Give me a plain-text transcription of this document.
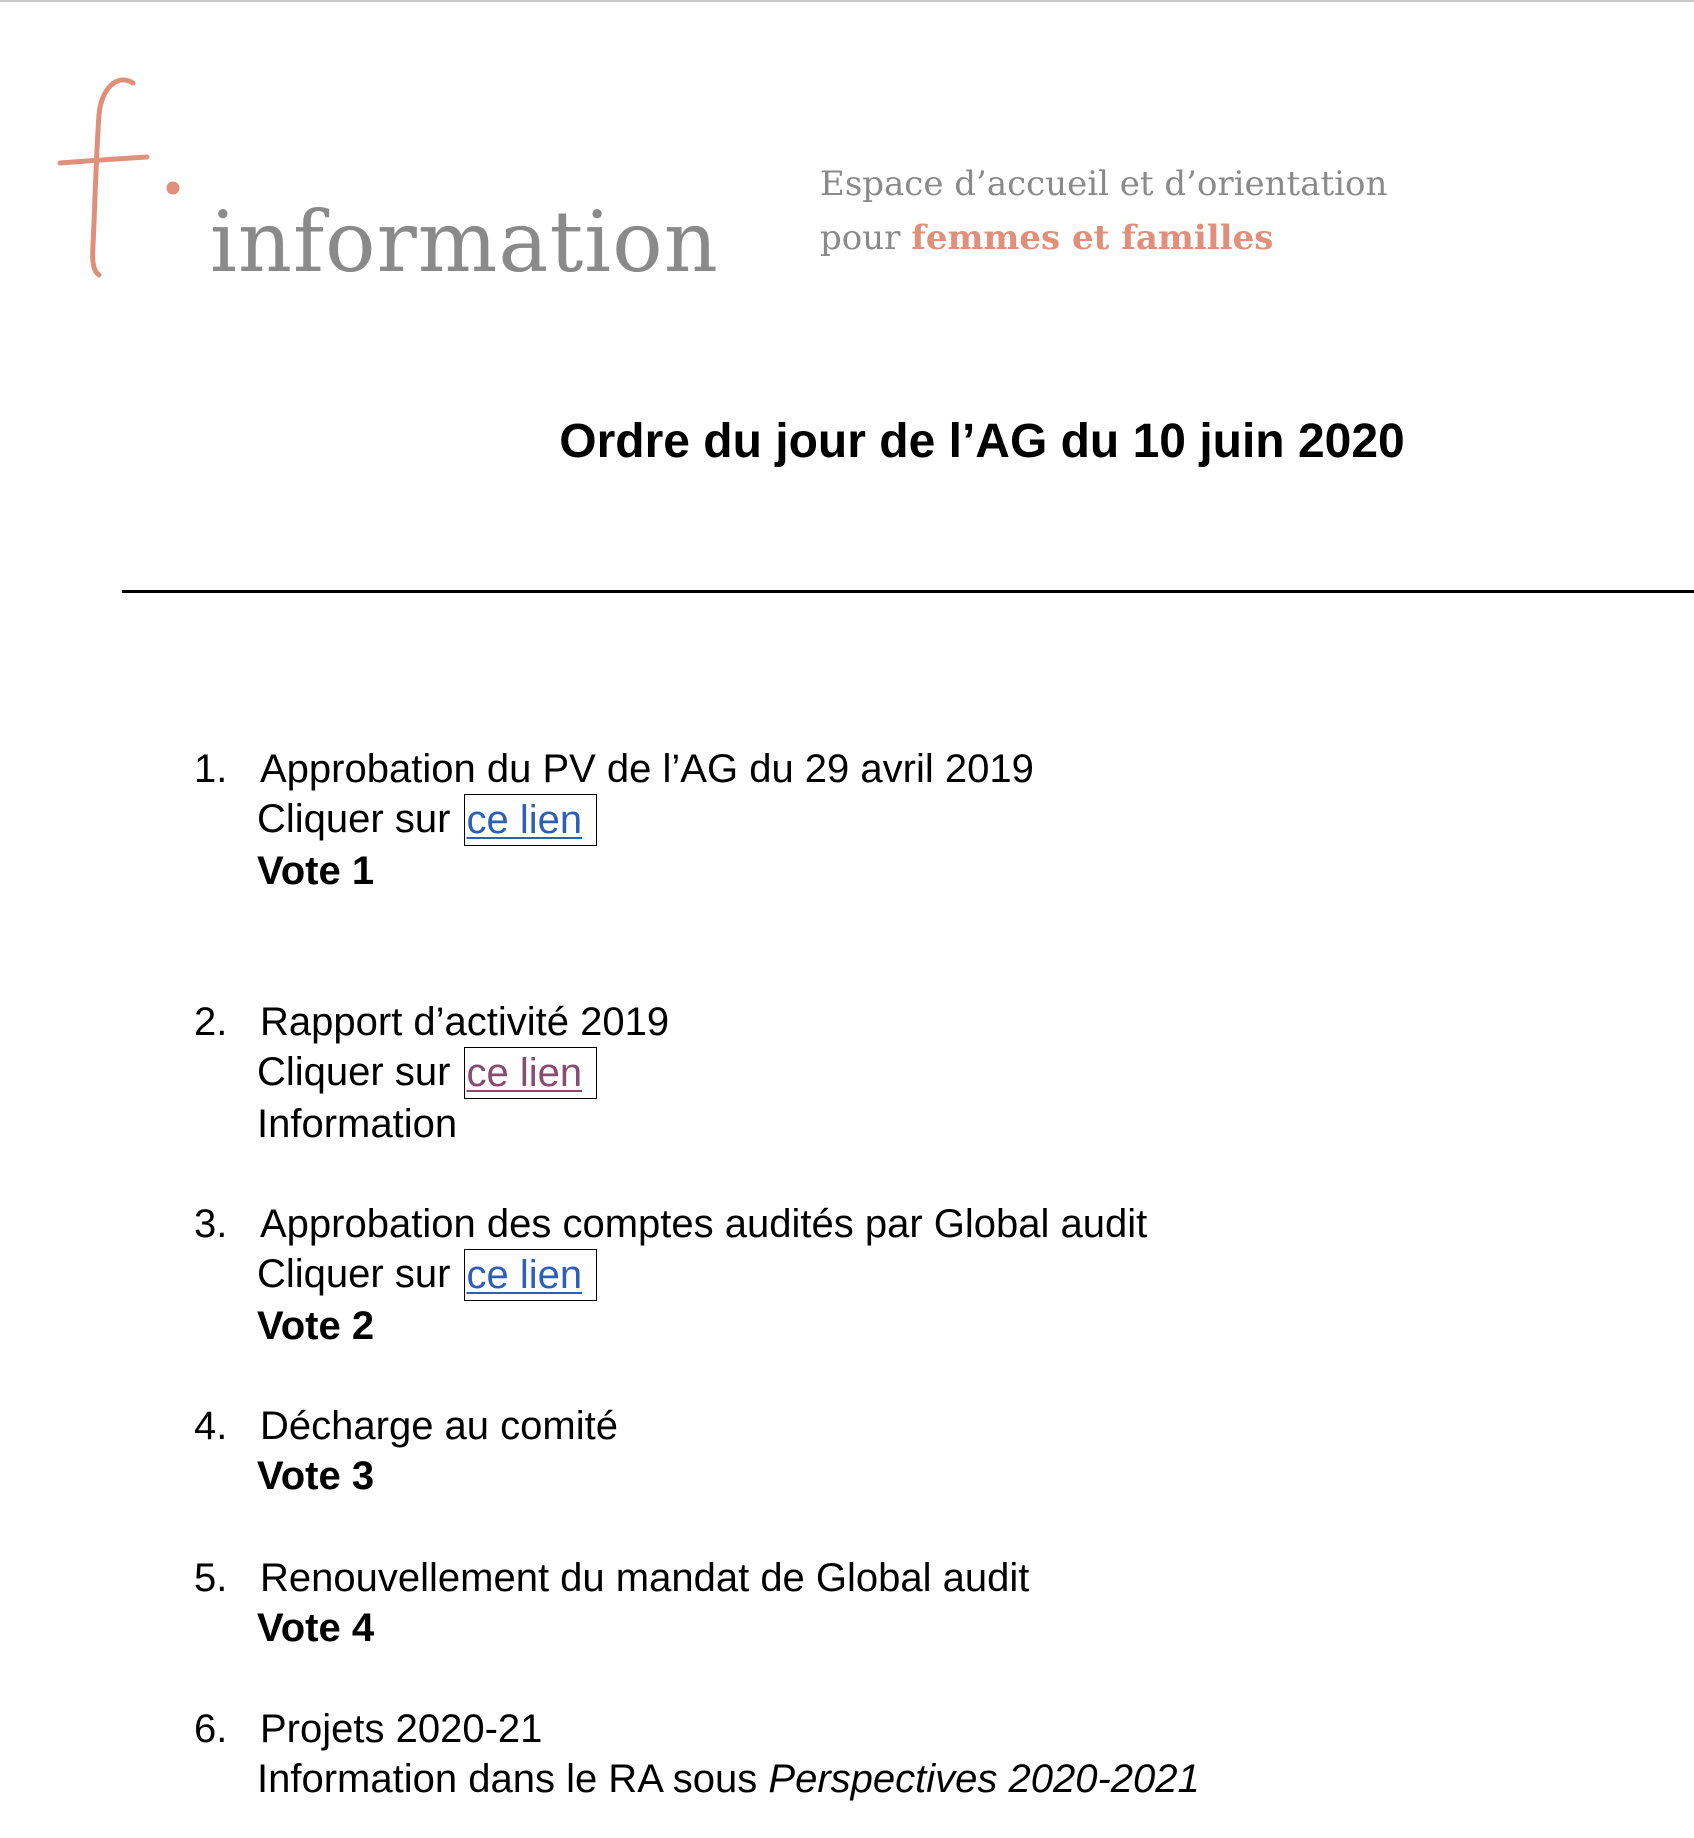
information
Espace d’accueil et d’orientation
pour femmes et familles
Ordre du jour de l’AG du 10 juin 2020
1. Approbation du PV de l’AG du 29 avril 2019
Cliquer sur ce lien
Vote 1
2. Rapport d’activité 2019
Cliquer sur ce lien
Information
3. Approbation des comptes audités par Global audit
Cliquer sur ce lien
Vote 2
4. Décharge au comité
Vote 3
5. Renouvellement du mandat de Global audit
Vote 4
6. Projets 2020-21
Information dans le RA sous Perspectives 2020-2021
